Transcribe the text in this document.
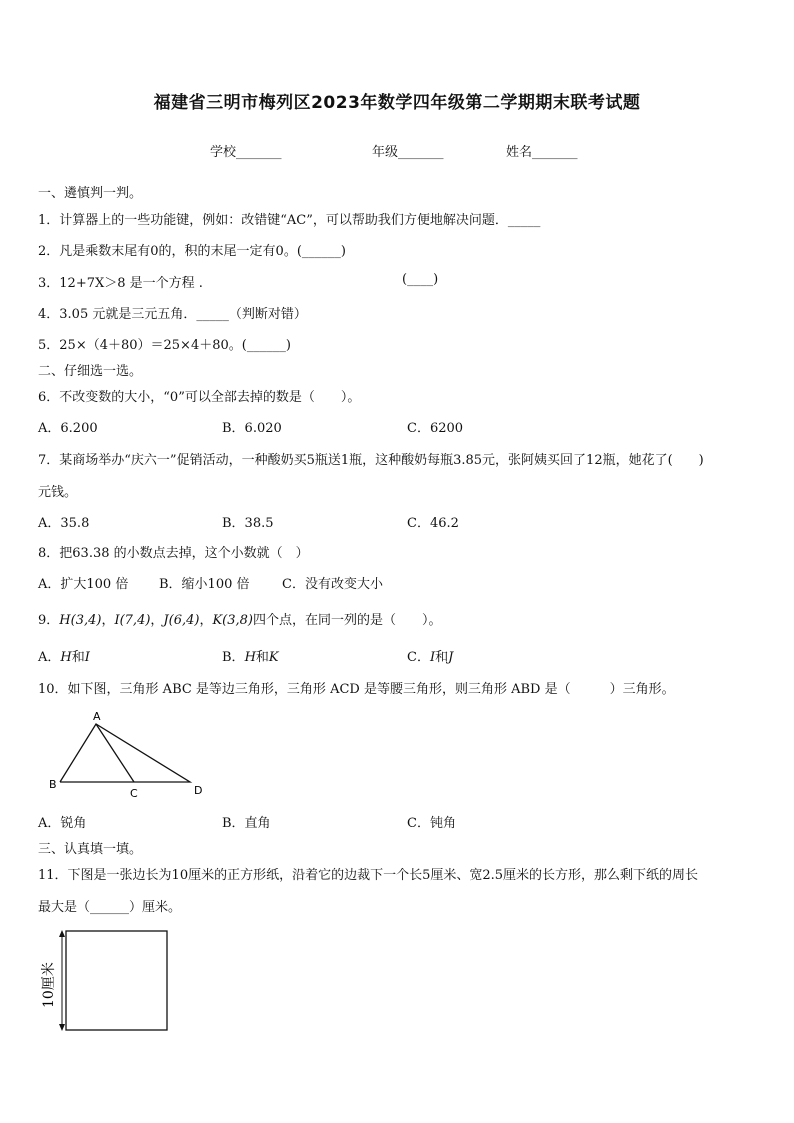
福建省三明市梅列区2023年数学四年级第二学期期末联考试题
学校_______	年级_______	姓名_______
一、遴慎判一判。
1．计算器上的一些功能键，例如：改错键“AC”，可以帮助我们方便地解决问题．_____
2．凡是乘数末尾有0的，积的末尾一定有0。(______)
3．12+7X＞8 是一个方程 .	(____)
4．3.05 元就是三元五角．_____（判断对错）
5．25×（4＋80）＝25×4＋80。(______)
二、仔细选一选。
6．不改变数的大小，“0”可以全部去掉的数是（　　）。
A．6.200	B．6.020	C．6200
7．某商场举办“庆六一”促销活动，一种酸奶买5瓶送1瓶，这种酸奶每瓶3.85元，张阿姨买回了12瓶，她花了(　　)
元钱。
A．35.8	B．38.5	C．46.2
8．把63.38 的小数点去掉，这个小数就（　）
A．扩大100 倍 B．缩小100 倍	C．没有改变大小
9．H(3,4)，I(7,4)，J(6,4)，K(3,8)四个点，在同一列的是（　　）。
A．H和I	B．H和K	C．I和J
10．如下图，三角形 ABC 是等边三角形，三角形 ACD 是等腰三角形，则三角形 ABD 是（　　　）三角形。
A
B
C	D
A．锐角	B．直角	C．钝角
三、认真填一填。
11．下图是一张边长为10厘米的正方形纸，沿着它的边裁下一个长5厘米、宽2.5厘米的长方形，那么剩下纸的周长
最大是（______）厘米。
10厘米
